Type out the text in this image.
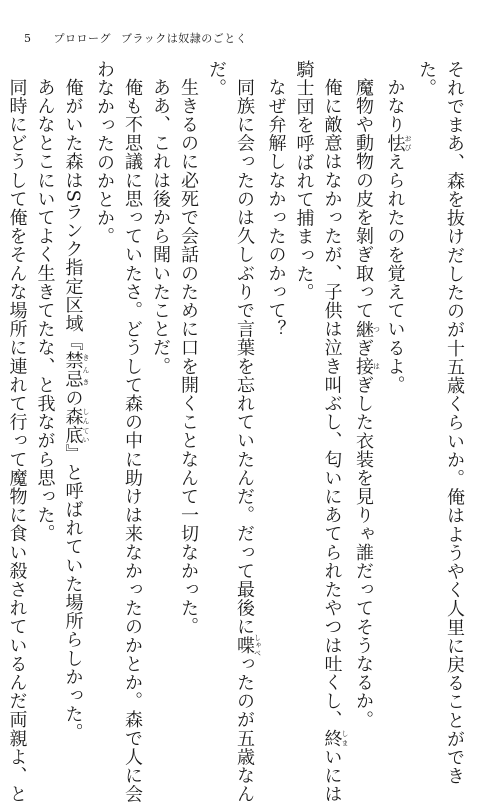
5 プロローグ ブラックは奴隷のごとく
それでまあ、森を抜けだしたのが十五歳くらいか。俺はようやく人里に戻ることができ
た。
かなり怯おびえられたのを覚えているよ。
魔物や動物の皮を剝ぎ取って継つぎ接はぎした衣装を見りゃ誰だってそうなるか。
俺に敵意はなかったが、子供は泣き叫ぶし、匂いにあてられたやつは吐くし、終しまいには
騎士団を呼ばれて捕まった。
なぜ弁解しなかったのかって？
同族に会ったのは久しぶりで言葉を忘れていたんだ。だって最後に喋しゃべったのが五歳なん
だ。
生きるのに必死で会話のために口を開くことなんて一切なかった。
ああ、これは後から聞いたことだ。
俺も不思議に思っていたさ。どうして森の中に助けは来なかったのかとか。森で人に会
わなかったのかとか。
俺がいた森はSランク指定区域『禁忌きんきの森底しんてい』と呼ばれていた場所らしかった。
あんなとこにいてよく生きてたな、と我ながら思った。
同時にどうして俺をそんな場所に連れて行って魔物に食い殺されているんだ両親よ、と
